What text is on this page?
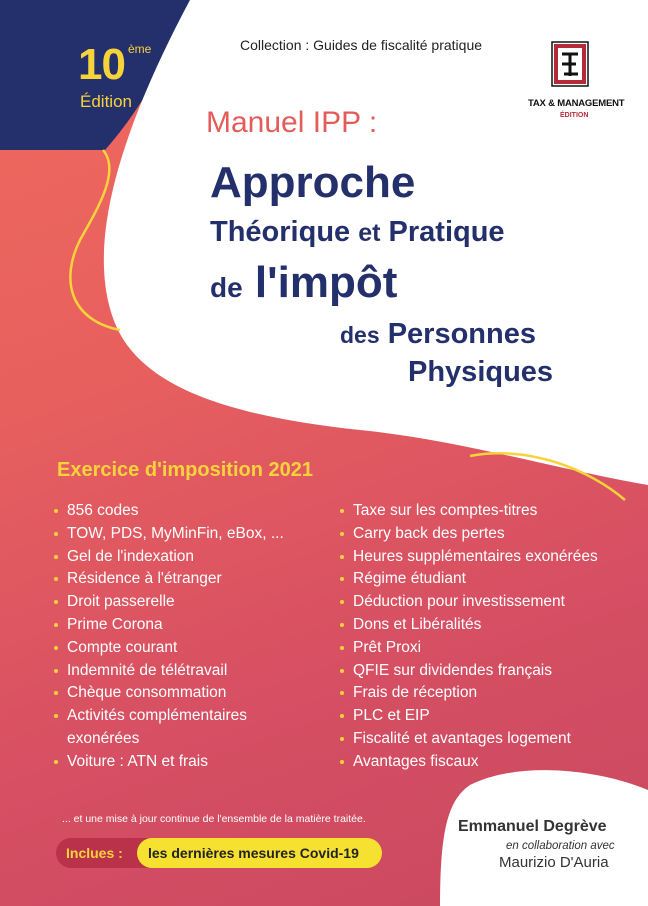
10 ème
Édition
Collection : Guides de fiscalité pratique
TAX & MANAGEMENT
ÉDITION
Manuel IPP :
Approche
Théorique et Pratique
de l'impôt
des Personnes
Physiques
Exercice d'imposition 2021
856 codes
TOW, PDS, MyMinFin, eBox, ...
Gel de l'indexation
Résidence à l'étranger
Droit passerelle
Prime Corona
Compte courant
Indemnité de télétravail
Chèque consommation
Activités complémentaires
exonérées
Voiture : ATN et frais
Taxe sur les comptes-titres
Carry back des pertes
Heures supplémentaires exonérées
Régime étudiant
Déduction pour investissement
Dons et Libéralités
Prêt Proxi
QFIE sur dividendes français
Frais de réception
PLC et EIP
Fiscalité et avantages logement
Avantages fiscaux
... et une mise à jour continue de l'ensemble de la matière traitée.
Inclues : les dernières mesures Covid-19
Emmanuel Degrève
en collaboration avec
Maurizio D'Auria
